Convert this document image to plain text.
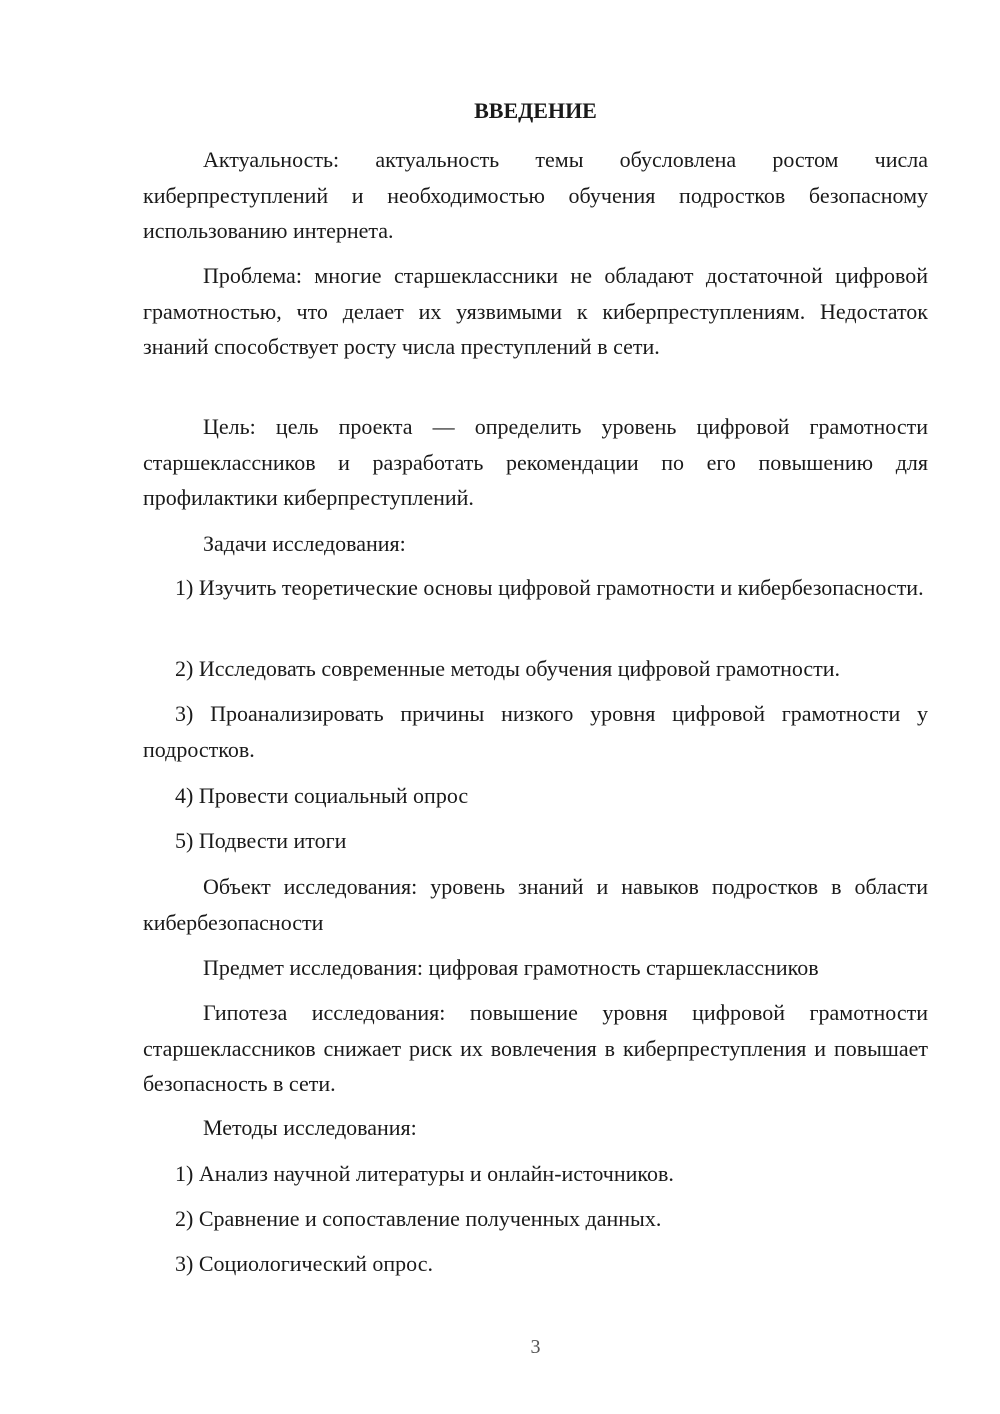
ВВЕДЕНИЕ

Актуальность: актуальность темы обусловлена ростом числа киберпреступлений и необходимостью обучения подростков безопасному использованию интернета.

Проблема: многие старшеклассники не обладают достаточной цифровой грамотностью, что делает их уязвимыми к киберпреступлениям. Недостаток знаний способствует росту числа преступлений в сети.

Цель: цель проекта — определить уровень цифровой грамотности старшеклассников и разработать рекомендации по его повышению для профилактики киберпреступлений.

Задачи исследования:

1) Изучить теоретические основы цифровой грамотности и кибербезопасности.

2) Исследовать современные методы обучения цифровой грамотности.

3) Проанализировать причины низкого уровня цифровой грамотности у подростков.

4) Провести социальный опрос

5) Подвести итоги

Объект исследования: уровень знаний и навыков подростков в области кибербезопасности

Предмет исследования: цифровая грамотность старшеклассников

Гипотеза исследования: повышение уровня цифровой грамотности старшеклассников снижает риск их вовлечения в киберпреступления и повышает безопасность в сети.

Методы исследования:

1) Анализ научной литературы и онлайн-источников.

2) Сравнение и сопоставление полученных данных.

3) Социологический опрос.

3
